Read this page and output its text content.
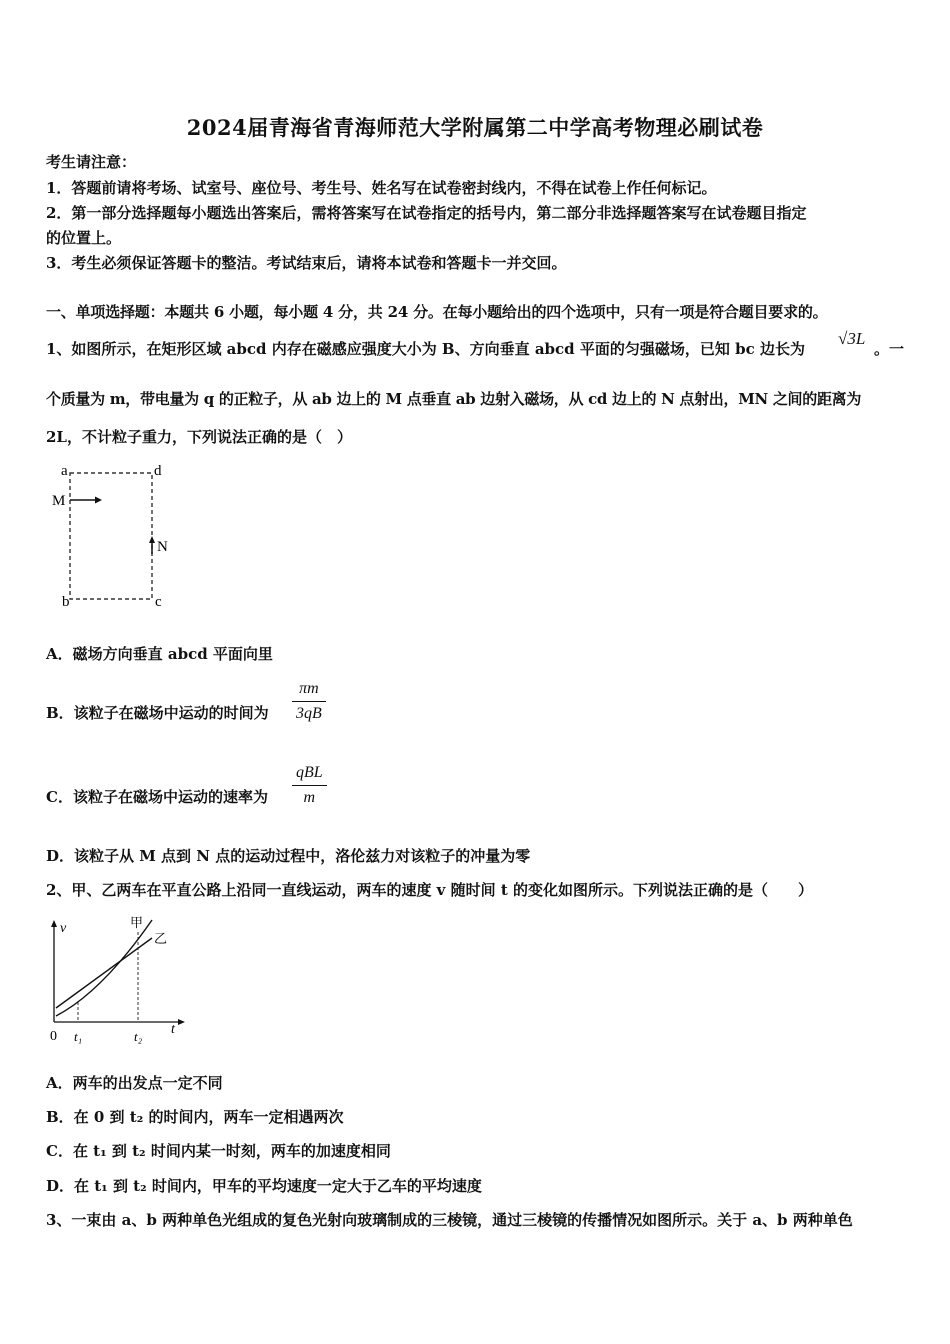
2024届青海省青海师范大学附属第二中学高考物理必刷试卷
考生请注意：
1．答题前请将考场、试室号、座位号、考生号、姓名写在试卷密封线内，不得在试卷上作任何标记。
2．第一部分选择题每小题选出答案后，需将答案写在试卷指定的括号内，第二部分非选择题答案写在试卷题目指定
的位置上。
3．考生必须保证答题卡的整洁。考试结束后，请将本试卷和答题卡一并交回。
一、单项选择题：本题共 6 小题，每小题 4 分，共 24 分。在每小题给出的四个选项中，只有一项是符合题目要求的。
1、如图所示，在矩形区域 abcd 内存在磁感应强度大小为 B、方向垂直 abcd 平面的匀强磁场，已知 bc 边长为
√3L
。一
个质量为 m，带电量为 q 的正粒子，从 ab 边上的 M 点垂直 ab 边射入磁场，从 cd 边上的 N 点射出，MN 之间的距离为
2L，不计粒子重力，下列说法正确的是（　）
a	d
b	c
M
N
A．磁场方向垂直 abcd 平面向里
B．该粒子在磁场中运动的时间为
πm
3qB
C．该粒子在磁场中运动的速率为
qBL
m
D．该粒子从 M 点到 N 点的运动过程中，洛伦兹力对该粒子的冲量为零
2、甲、乙两车在平直公路上沿同一直线运动，两车的速度 v 随时间 t 的变化如图所示。下列说法正确的是（　　）
v
t
0 t₁	t₂
甲
乙
A．两车的出发点一定不同
B．在 0 到 t₂ 的时间内，两车一定相遇两次
C．在 t₁ 到 t₂ 时间内某一时刻，两车的加速度相同
D．在 t₁ 到 t₂ 时间内，甲车的平均速度一定大于乙车的平均速度
3、一束由 a、b 两种单色光组成的复色光射向玻璃制成的三棱镜，通过三棱镜的传播情况如图所示。关于 a、b 两种单色
